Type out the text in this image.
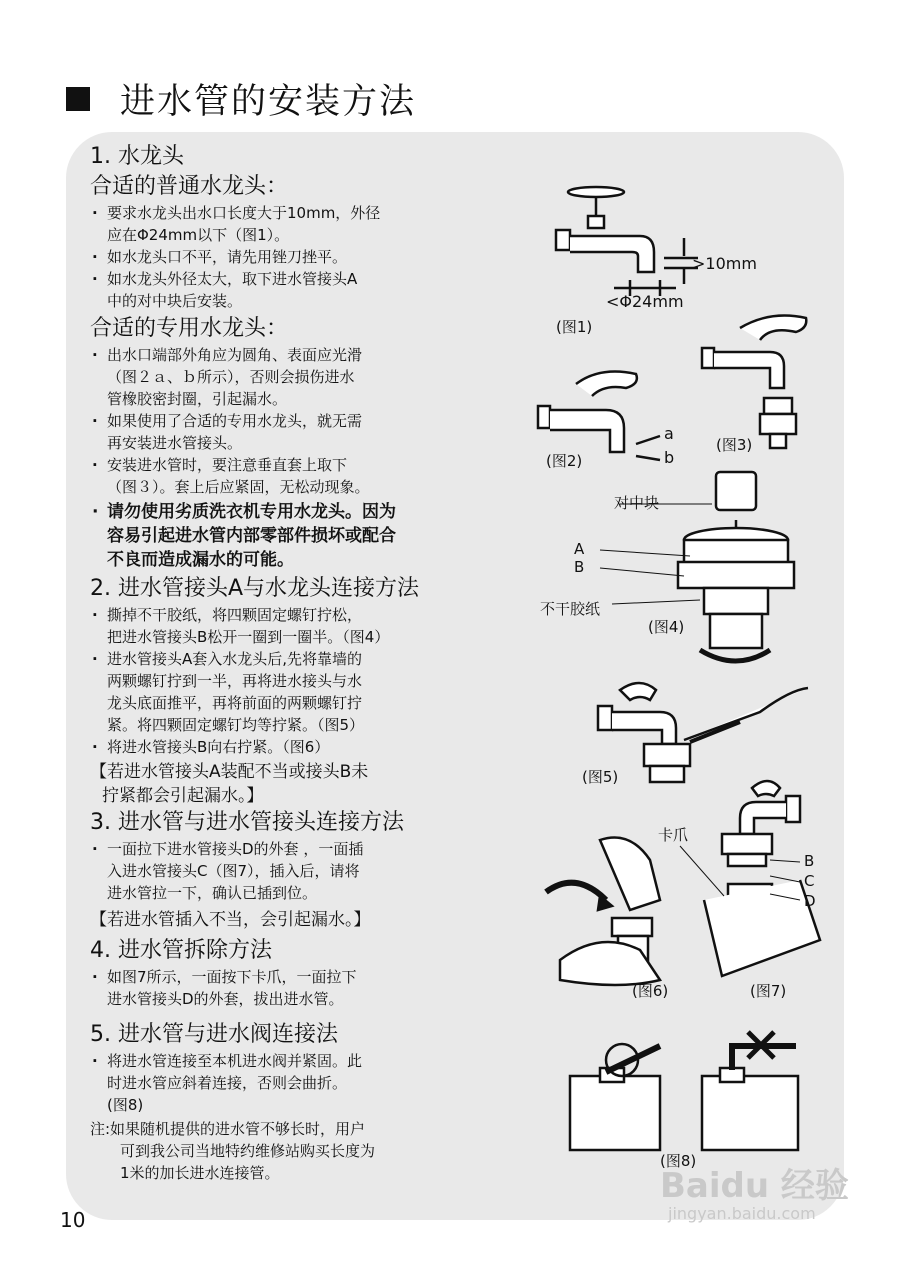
进水管的安装方法

1. 水龙头

合适的普通水龙头：

· 要求水龙头出水口长度大于10mm，外径
应在Φ24mm以下（图1）。
· 如水龙头口不平，请先用锉刀挫平。
· 如水龙头外径太大，取下进水管接头A
中的对中块后安装。

合适的专用水龙头：

· 出水口端部外角应为圆角、表面应光滑
（图２ａ、ｂ所示），否则会损伤进水
管橡胶密封圈，引起漏水。
· 如果使用了合适的专用水龙头，就无需
再安装进水管接头。
· 安装进水管时，要注意垂直套上取下
（图３）。套上后应紧固，无松动现象。
· 请勿使用劣质洗衣机专用水龙头。因为
容易引起进水管内部零部件损坏或配合
不良而造成漏水的可能。

2. 进水管接头A与水龙头连接方法

· 撕掉不干胶纸，将四颗固定螺钉拧松，
把进水管接头B松开一圈到一圈半。（图4）
· 进水管接头A套入水龙头后,先将靠墙的
两颗螺钉拧到一半，再将进水接头与水
龙头底面推平，再将前面的两颗螺钉拧
紧。将四颗固定螺钉均等拧紧。（图5）
· 将进水管接头B向右拧紧。（图6）
【若进水管接头A装配不当或接头B未
拧紧都会引起漏水。】

3. 进水管与进水管接头连接方法

· 一面拉下进水管接头D的外套 ，一面插
入进水管接头C（图7），插入后，请将
进水管拉一下，确认已插到位。
【若进水管插入不当，会引起漏水。】

4. 进水管拆除方法

· 如图7所示，一面按下卡爪，一面拉下
进水管接头D的外套，拔出进水管。

5. 进水管与进水阀连接法

· 将进水管连接至本机进水阀并紧固。此
时进水管应斜着连接，否则会曲折。
(图8)
注:如果随机提供的进水管不够长时，用户
可到我公司当地特约维修站购买长度为
1米的加长进水连接管。
(图1)
>10mm
<Φ24mm
a
b
(图2)
(图3)
对中块
A
B
不干胶纸
(图4)
(图5)
卡爪
B
C
D
(图6)	(图7)
(图8)
10
Baidu 经验
jingyan.baidu.com
